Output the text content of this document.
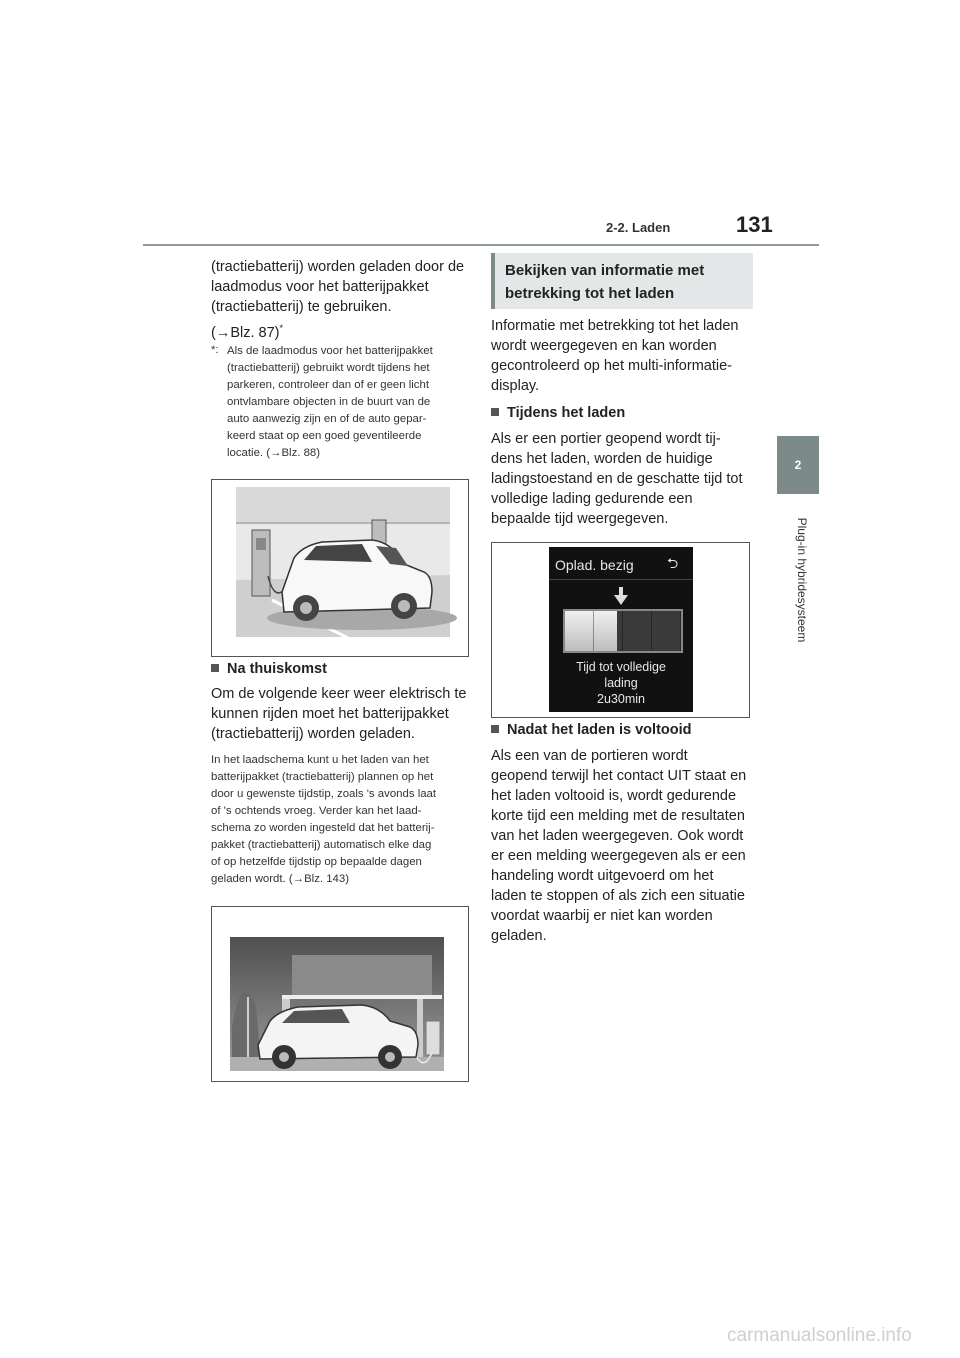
2-2. Laden	131
2
Plug-in hybridesysteem

(tractiebatterij) worden geladen door de

laadmodus voor het batterijpakket

(tractiebatterij) te gebruiken.

(→Blz. 87)*
*: Als de laadmodus voor het batterijpakket

(tractiebatterij) gebruikt wordt tijdens het

parkeren, controleer dan of er geen licht

ontvlambare objecten in de buurt van de

auto aanwezig zijn en of de auto gepar-

keerd staat op een goed geventileerde

locatie. (→Blz. 88)

Na thuiskomst

Om de volgende keer weer elektrisch te

kunnen rijden moet het batterijpakket

(tractiebatterij) worden geladen.

In het laadschema kunt u het laden van het

batterijpakket (tractiebatterij) plannen op het

door u gewenste tijdstip, zoals 's avonds laat

of 's ochtends vroeg. Verder kan het laad-

schema zo worden ingesteld dat het batterij-

pakket (tractiebatterij) automatisch elke dag

of op hetzelfde tijdstip op bepaalde dagen

geladen wordt. (→Blz. 143)

Bekijken van informatie met

betrekking tot het laden

Informatie met betrekking tot het laden

wordt weergegeven en kan worden

gecontroleerd op het multi-informatie-

display.

Tijdens het laden

Als er een portier geopend wordt tij-

dens het laden, worden de huidige

ladingstoestand en de geschatte tijd tot

volledige lading gedurende een

bepaalde tijd weergegeven.

Oplad. bezig ⮌

Tijd tot volledige

lading

2u30min

Nadat het laden is voltooid

Als een van de portieren wordt

geopend terwijl het contact UIT staat en

het laden voltooid is, wordt gedurende

korte tijd een melding met de resultaten

van het laden weergegeven. Ook wordt

er een melding weergegeven als er een

handeling wordt uitgevoerd om het

laden te stoppen of als zich een situatie

voordat waarbij er niet kan worden

geladen.

carmanualsonline.info
